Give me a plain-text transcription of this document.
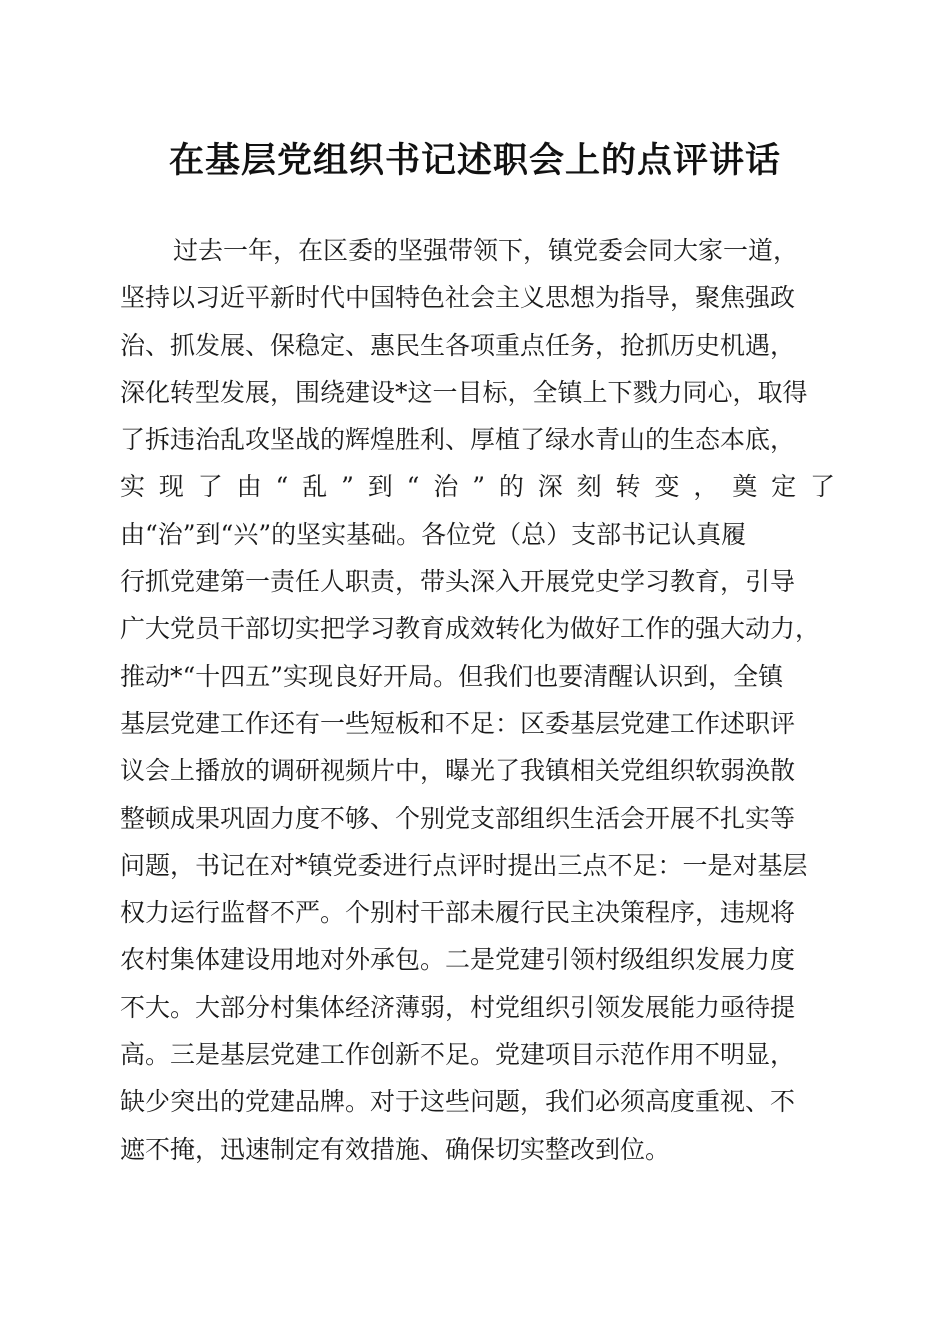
在基层党组织书记述职会上的点评讲话
过去一年，在区委的坚强带领下，镇党委会同大家一道，
坚持以习近平新时代中国特色社会主义思想为指导，聚焦强政
治、抓发展、保稳定、惠民生各项重点任务，抢抓历史机遇，
深化转型发展，围绕建设*这一目标，全镇上下戮力同心，取得
了拆违治乱攻坚战的辉煌胜利、厚植了绿水青山的生态本底，
实现了由“乱”到“治”的深刻转变，奠定了
由“治”到“兴”的坚实基础。各位党（总）支部书记认真履
行抓党建第一责任人职责，带头深入开展党史学习教育，引导
广大党员干部切实把学习教育成效转化为做好工作的强大动力，
推动*“十四五”实现良好开局。但我们也要清醒认识到，全镇
基层党建工作还有一些短板和不足：区委基层党建工作述职评
议会上播放的调研视频片中，曝光了我镇相关党组织软弱涣散
整顿成果巩固力度不够、个别党支部组织生活会开展不扎实等
问题，书记在对*镇党委进行点评时提出三点不足：一是对基层
权力运行监督不严。个别村干部未履行民主决策程序，违规将
农村集体建设用地对外承包。二是党建引领村级组织发展力度
不大。大部分村集体经济薄弱，村党组织引领发展能力亟待提
高。三是基层党建工作创新不足。党建项目示范作用不明显，
缺少突出的党建品牌。对于这些问题，我们必须高度重视、不
遮不掩，迅速制定有效措施、确保切实整改到位。
